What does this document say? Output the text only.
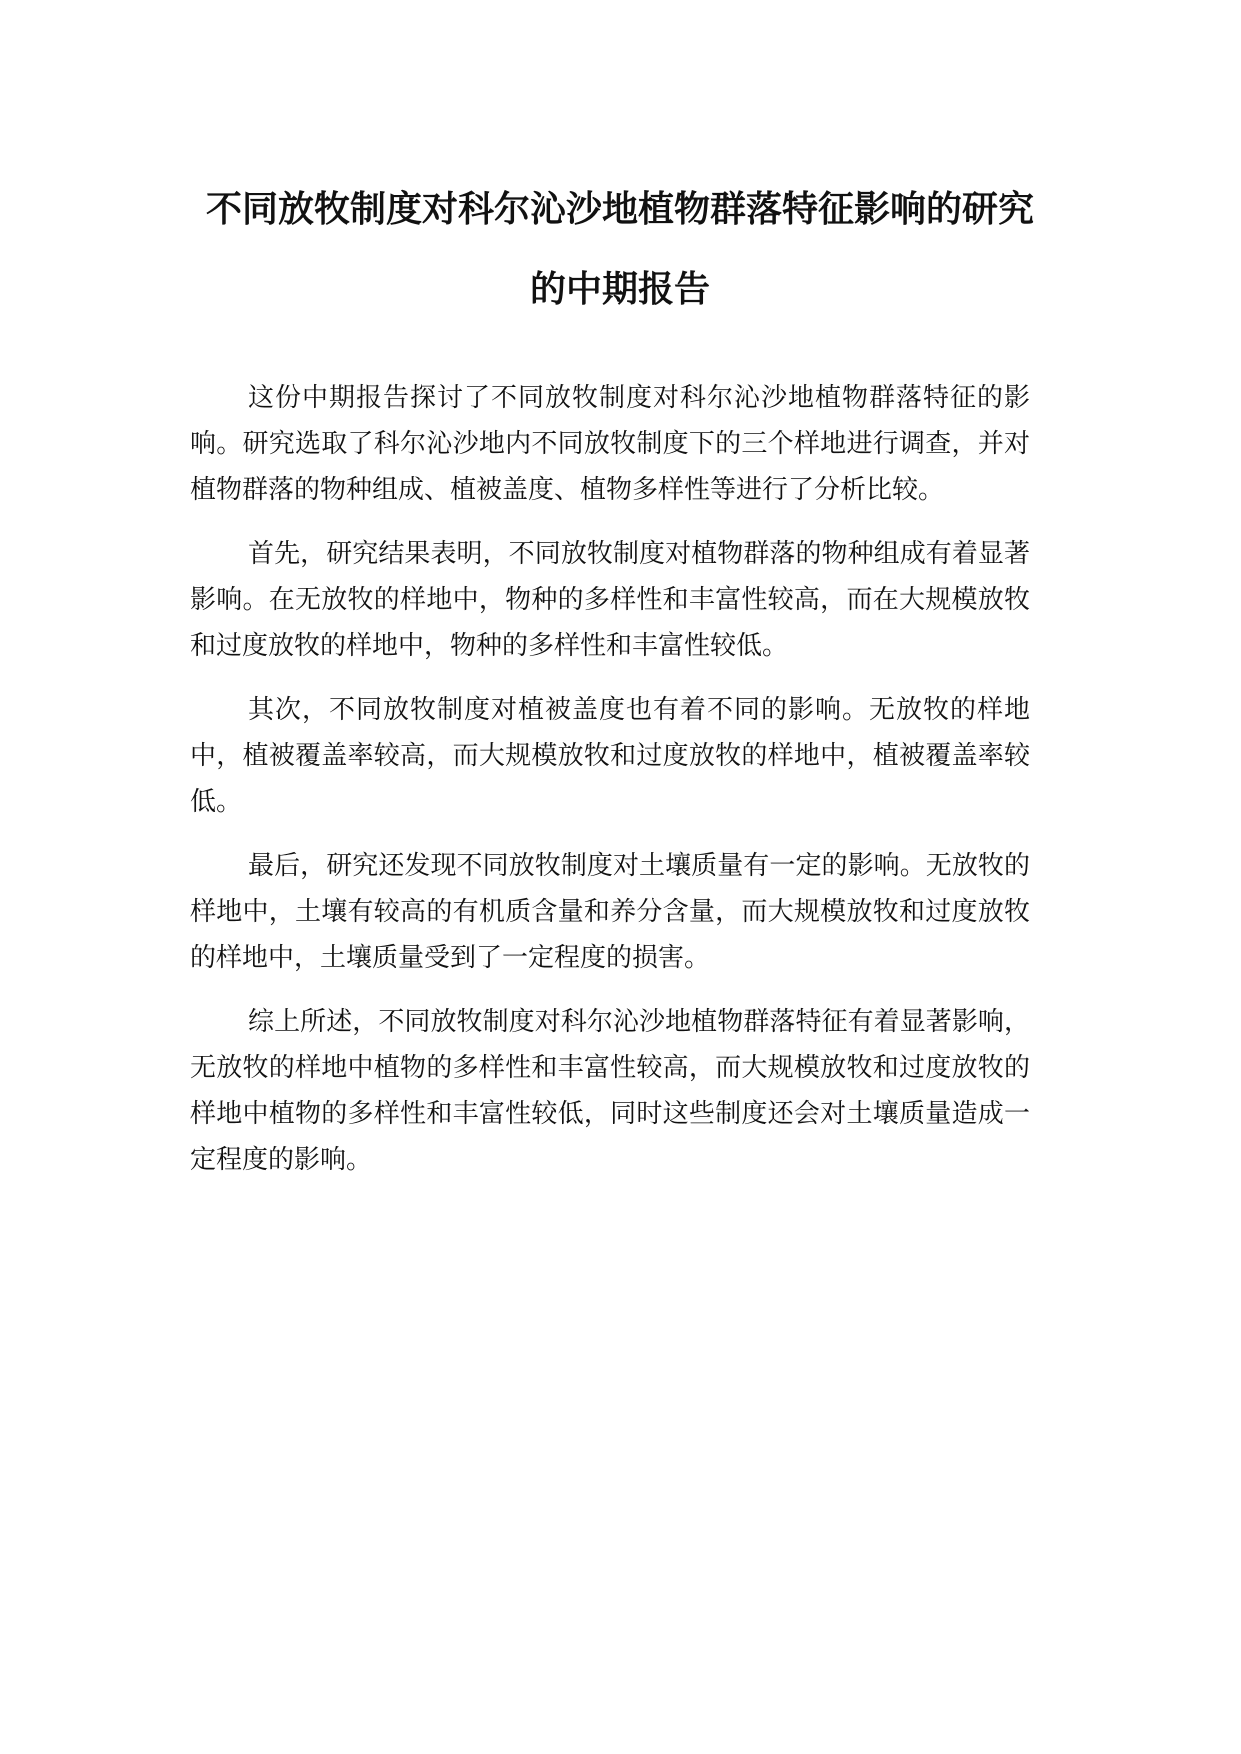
不同放牧制度对科尔沁沙地植物群落特征影响的研究的中期报告

这份中期报告探讨了不同放牧制度对科尔沁沙地植物群落特征的影响。研究选取了科尔沁沙地内不同放牧制度下的三个样地进行调查，并对植物群落的物种组成、植被盖度、植物多样性等进行了分析比较。

首先，研究结果表明，不同放牧制度对植物群落的物种组成有着显著影响。在无放牧的样地中，物种的多样性和丰富性较高，而在大规模放牧和过度放牧的样地中，物种的多样性和丰富性较低。

其次，不同放牧制度对植被盖度也有着不同的影响。无放牧的样地中，植被覆盖率较高，而大规模放牧和过度放牧的样地中，植被覆盖率较低。

最后，研究还发现不同放牧制度对土壤质量有一定的影响。无放牧的样地中，土壤有较高的有机质含量和养分含量，而大规模放牧和过度放牧的样地中，土壤质量受到了一定程度的损害。

综上所述，不同放牧制度对科尔沁沙地植物群落特征有着显著影响，无放牧的样地中植物的多样性和丰富性较高，而大规模放牧和过度放牧的样地中植物的多样性和丰富性较低，同时这些制度还会对土壤质量造成一定程度的影响。
